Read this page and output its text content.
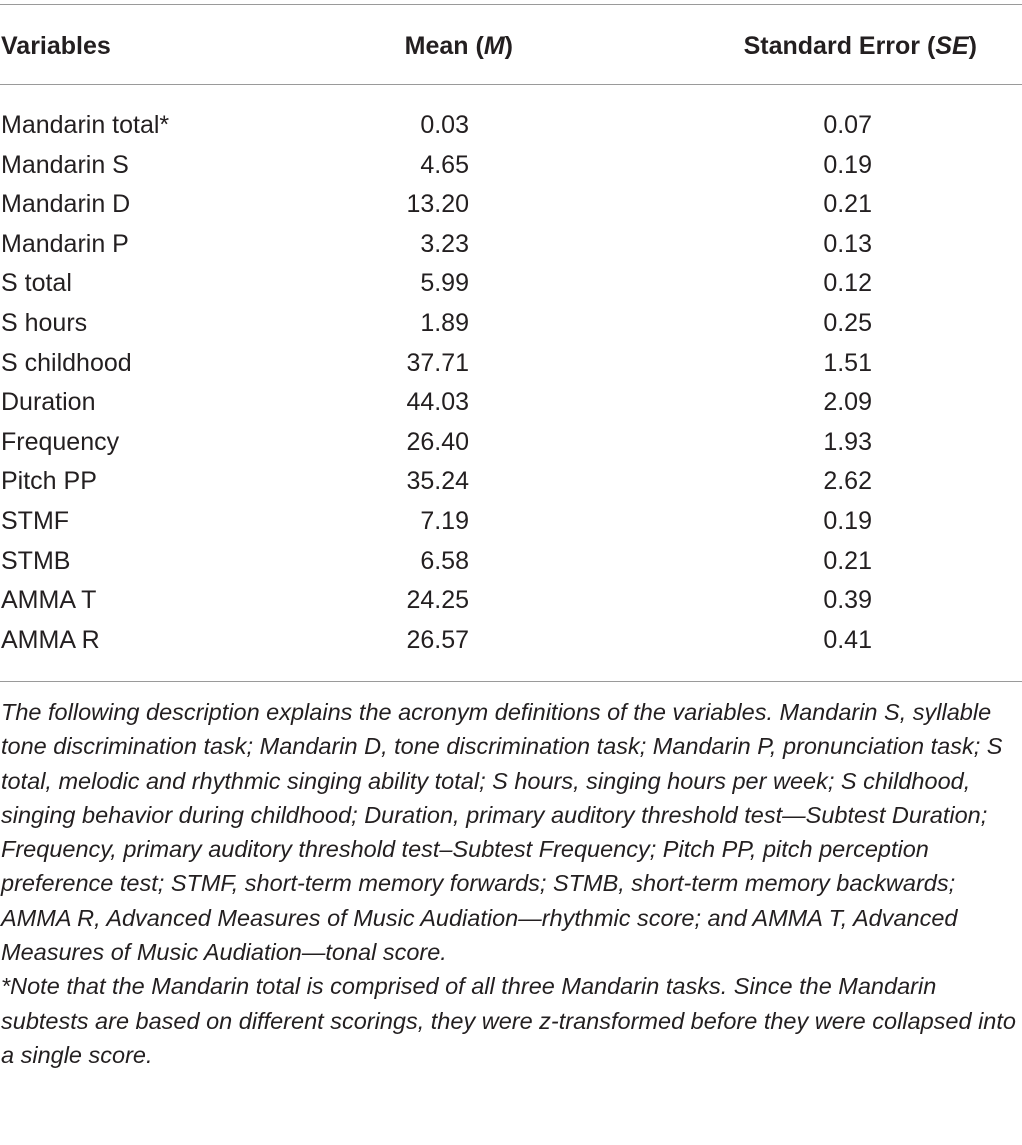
Variables	Mean (M)	Standard Error (SE)
Mandarin total*	0.03	0.07
Mandarin S	4.65	0.19
Mandarin D	13.20	0.21
Mandarin P	3.23	0.13
S total	5.99	0.12
S hours	1.89	0.25
S childhood	37.71	1.51
Duration	44.03	2.09
Frequency	26.40	1.93
Pitch PP	35.24	2.62
STMF	7.19	0.19
STMB	6.58	0.21
AMMA T	24.25	0.39
AMMA R	26.57	0.41

The following description explains the acronym definitions of the variables. Mandarin S, syllable tone discrimination task; Mandarin D, tone discrimination task; Mandarin P, pronunciation task; S total, melodic and rhythmic singing ability total; S hours, singing hours per week; S childhood, singing behavior during childhood; Duration, primary auditory threshold test—Subtest Duration; Frequency, primary auditory threshold test–Subtest Frequency; Pitch PP, pitch perception preference test; STMF, short-term memory forwards; STMB, short-term memory backwards; AMMA R, Advanced Measures of Music Audiation—rhythmic score; and AMMA T, Advanced Measures of Music Audiation—tonal score.

*Note that the Mandarin total is comprised of all three Mandarin tasks. Since the Mandarin subtests are based on different scorings, they were z-transformed before they were collapsed into a single score.
